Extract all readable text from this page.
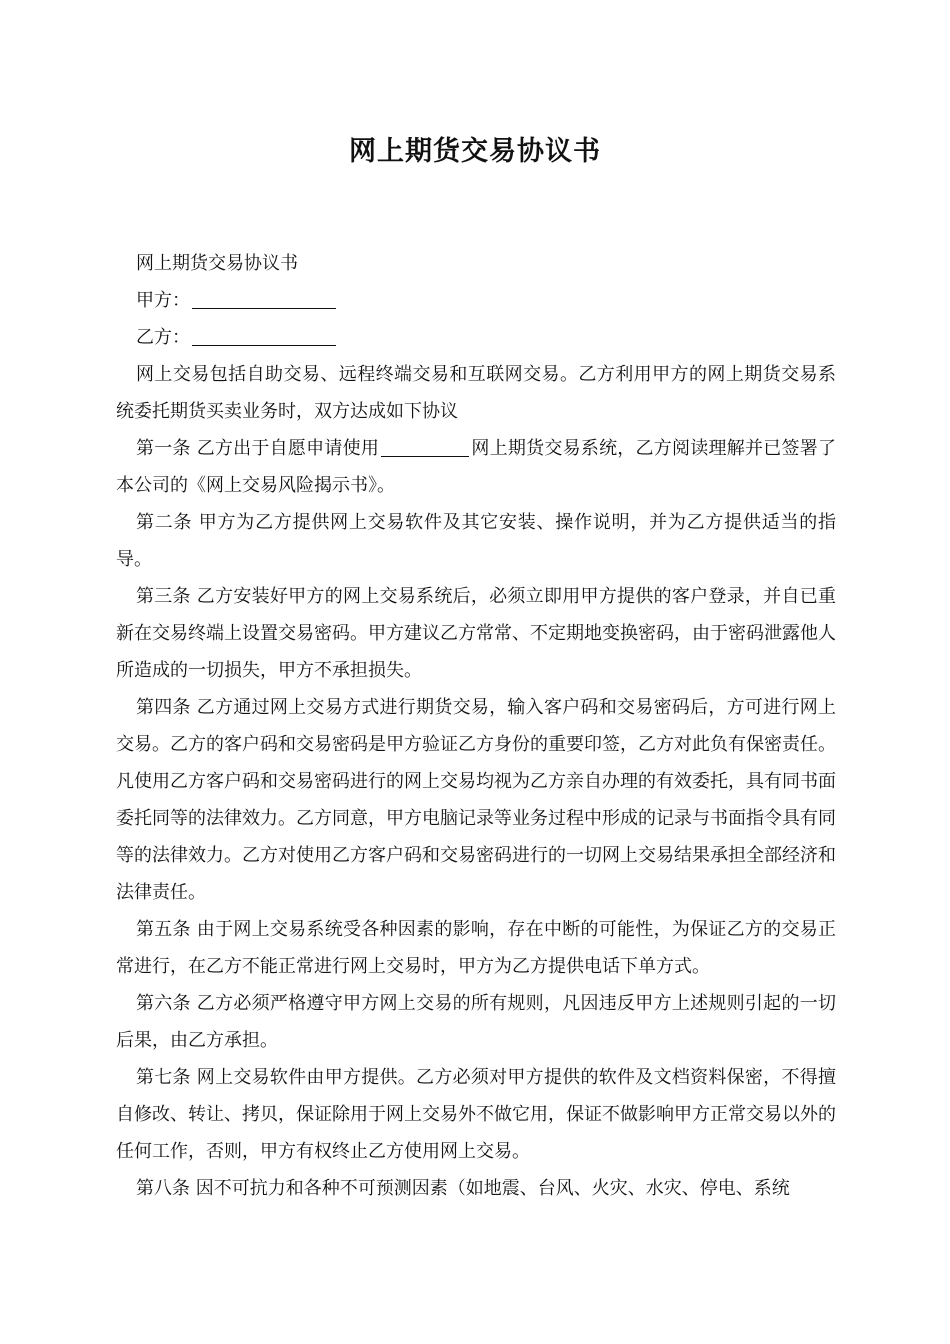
网上期货交易协议书

网上期货交易协议书

甲方：

乙方：

网上交易包括自助交易、远程终端交易和互联网交易。乙方利用甲方的网上期货交易系统委托期货买卖业务时，双方达成如下协议

第一条 乙方出于自愿申请使用	网上期货交易系统，乙方阅读理解并已签署了本公司的《网上交易风险揭示书》。

第二条 甲方为乙方提供网上交易软件及其它安装、操作说明，并为乙方提供适当的指导。

第三条 乙方安装好甲方的网上交易系统后，必须立即用甲方提供的客户登录，并自已重新在交易终端上设置交易密码。甲方建议乙方常常、不定期地变换密码，由于密码泄露他人所造成的一切损失，甲方不承担损失。

第四条 乙方通过网上交易方式进行期货交易，输入客户码和交易密码后，方可进行网上交易。乙方的客户码和交易密码是甲方验证乙方身份的重要印签，乙方对此负有保密责任。凡使用乙方客户码和交易密码进行的网上交易均视为乙方亲自办理的有效委托，具有同书面委托同等的法律效力。乙方同意，甲方电脑记录等业务过程中形成的记录与书面指令具有同等的法律效力。乙方对使用乙方客户码和交易密码进行的一切网上交易结果承担全部经济和法律责任。

第五条 由于网上交易系统受各种因素的影响，存在中断的可能性，为保证乙方的交易正常进行，在乙方不能正常进行网上交易时，甲方为乙方提供电话下单方式。

第六条 乙方必须严格遵守甲方网上交易的所有规则，凡因违反甲方上述规则引起的一切后果，由乙方承担。

第七条 网上交易软件由甲方提供。乙方必须对甲方提供的软件及文档资料保密，不得擅自修改、转让、拷贝，保证除用于网上交易外不做它用，保证不做影响甲方正常交易以外的任何工作，否则，甲方有权终止乙方使用网上交易。

第八条 因不可抗力和各种不可预测因素（如地震、台风、火灾、水灾、停电、系统
